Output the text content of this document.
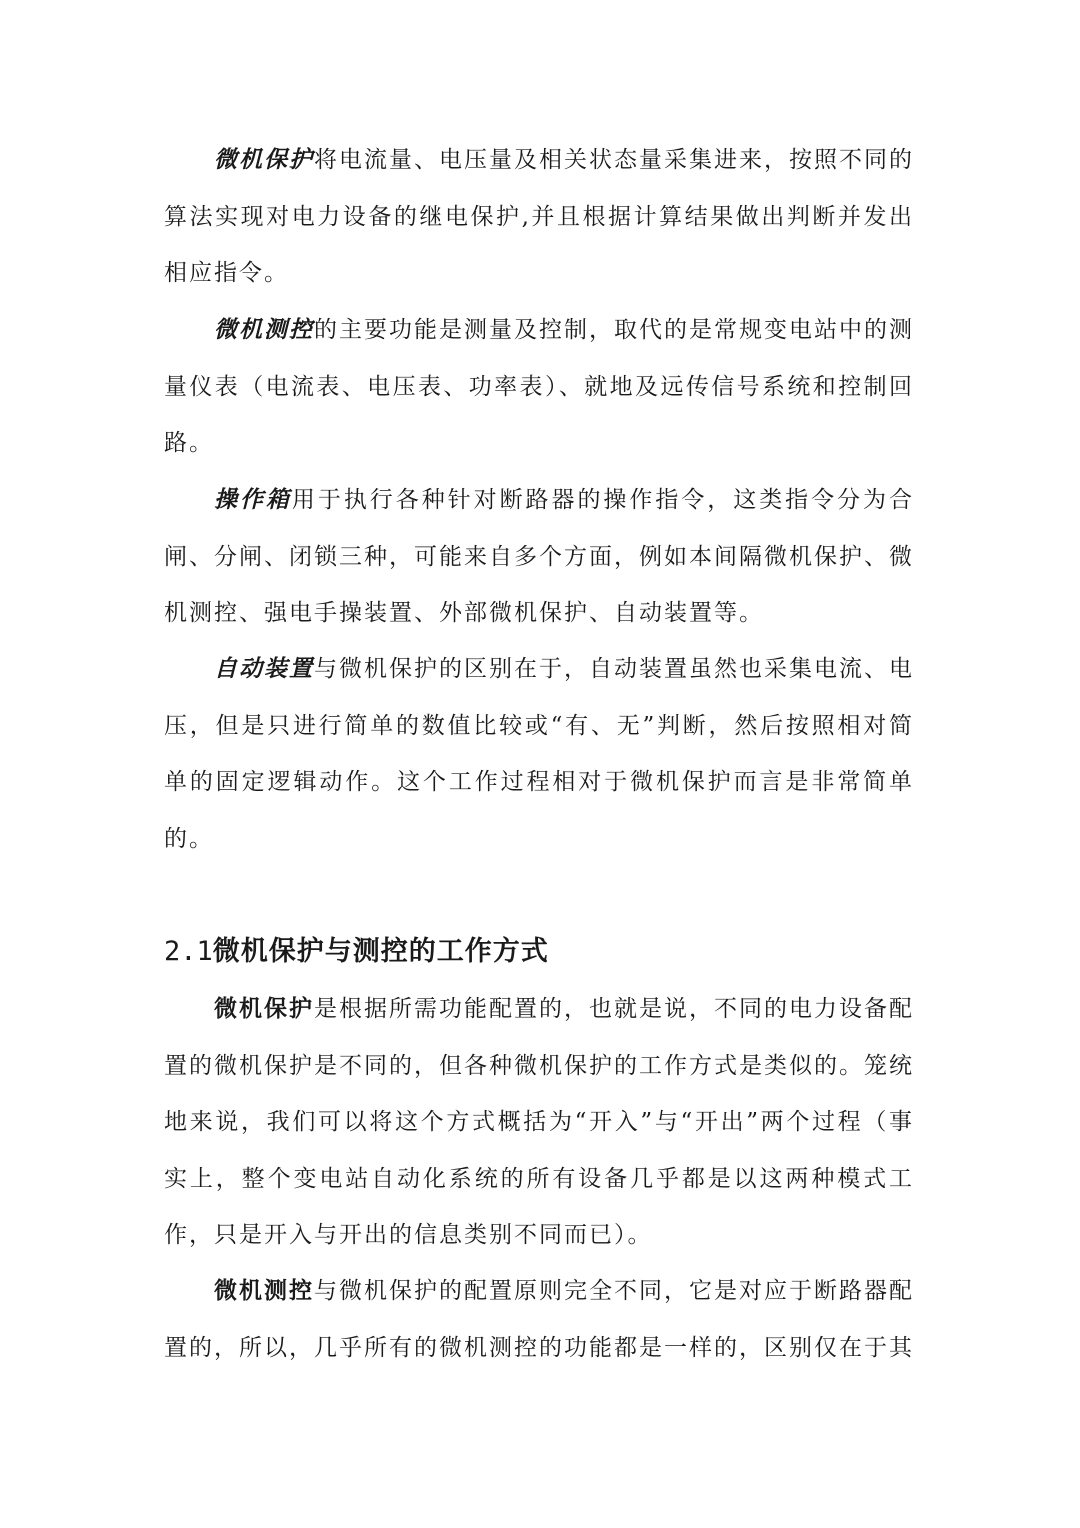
微机保护将电流量、电压量及相关状态量采集进来，按照不同的算法实现对电力设备的继电保护,并且根据计算结果做出判断并发出相应指令。

微机测控的主要功能是测量及控制，取代的是常规变电站中的测量仪表（电流表、电压表、功率表）、就地及远传信号系统和控制回路。

操作箱用于执行各种针对断路器的操作指令，这类指令分为合闸、分闸、闭锁三种，可能来自多个方面，例如本间隔微机保护、微机测控、强电手操装置、外部微机保护、自动装置等。

自动装置与微机保护的区别在于，自动装置虽然也采集电流、电压，但是只进行简单的数值比较或“有、无”判断，然后按照相对简单的固定逻辑动作。这个工作过程相对于微机保护而言是非常简单的。

2.1微机保护与测控的工作方式

微机保护是根据所需功能配置的，也就是说，不同的电力设备配置的微机保护是不同的，但各种微机保护的工作方式是类似的。笼统地来说，我们可以将这个方式概括为“开入”与“开出”两个过程（事实上，整个变电站自动化系统的所有设备几乎都是以这两种模式工作，只是开入与开出的信息类别不同而已）。

微机测控与微机保护的配置原则完全不同，它是对应于断路器配置的，所以，几乎所有的微机测控的功能都是一样的，区别仅在于其
